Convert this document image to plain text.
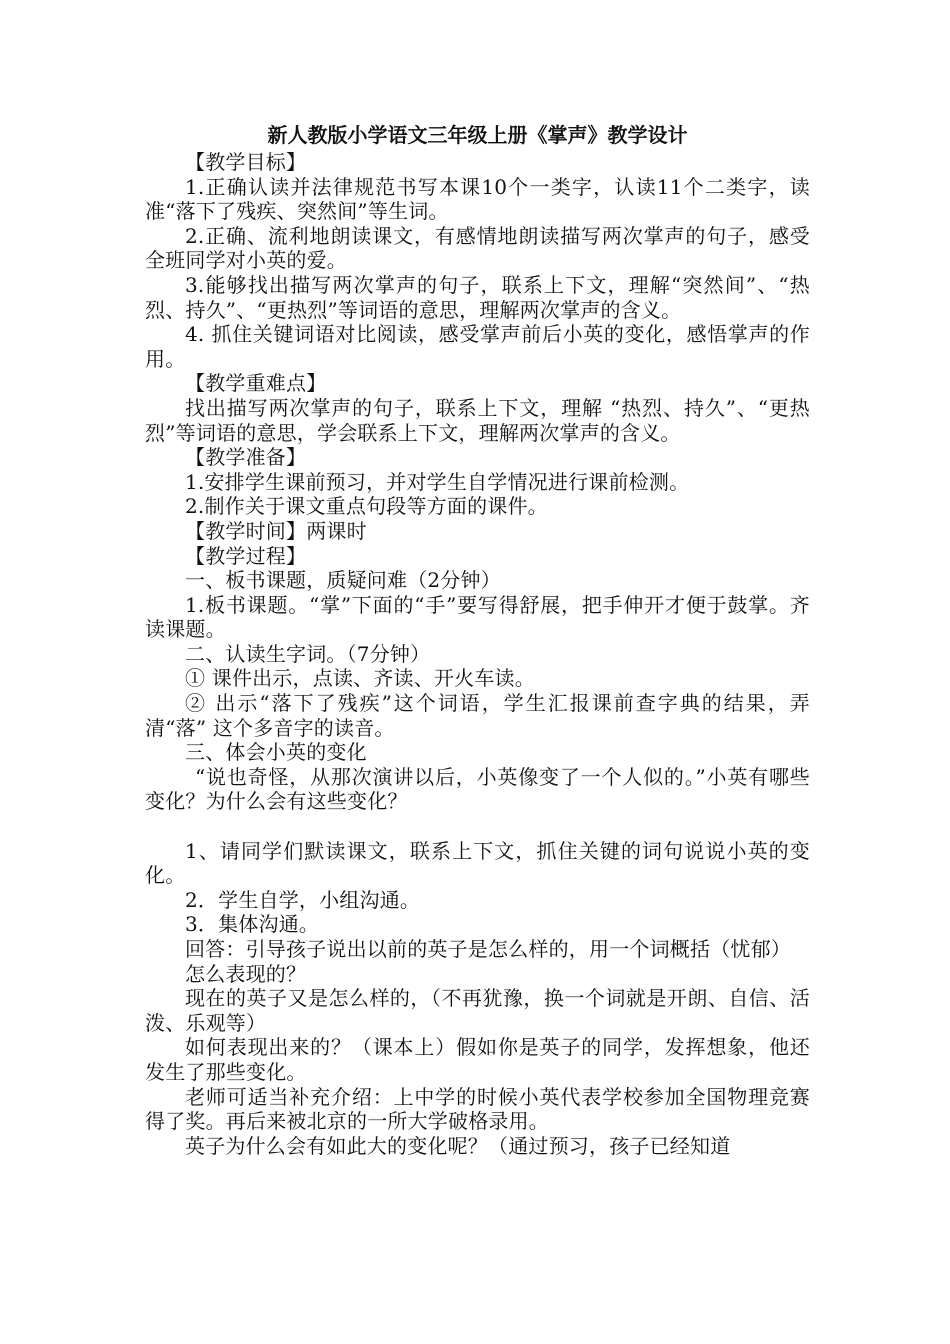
新人教版小学语文三年级上册《掌声》教学设计

【教学目标】

1.正确认读并法律规范书写本课10个一类字，认读11个二类字，读准“落下了残疾、突然间”等生词。

2.正确、流利地朗读课文，有感情地朗读描写两次掌声的句子，感受全班同学对小英的爱。

3.能够找出描写两次掌声的句子，联系上下文，理解“突然间”、“热烈、持久”、“更热烈”等词语的意思，理解两次掌声的含义。

4. 抓住关键词语对比阅读，感受掌声前后小英的变化，感悟掌声的作用。

【教学重难点】

找出描写两次掌声的句子，联系上下文，理解 “热烈、持久”、“更热烈”等词语的意思，学会联系上下文，理解两次掌声的含义。

【教学准备】

1.安排学生课前预习，并对学生自学情况进行课前检测。

2.制作关于课文重点句段等方面的课件。

【教学时间】两课时

【教学过程】

一、板书课题，质疑问难（2分钟）

1.板书课题。“掌”下面的“手”要写得舒展，把手伸开才便于鼓掌。齐读课题。

二、认读生字词。（7分钟）

① 课件出示，点读、齐读、开火车读。

② 出示“落下了残疾”这个词语，学生汇报课前查字典的结果，弄清“落” 这个多音字的读音。

三、体会小英的变化

“说也奇怪，从那次演讲以后，小英像变了一个人似的。”小英有哪些变化？为什么会有这些变化？

1、请同学们默读课文，联系上下文，抓住关键的词句说说小英的变化。

2．学生自学，小组沟通。

3．集体沟通。

回答：引导孩子说出以前的英子是怎么样的，用一个词概括（忧郁）

怎么表现的？

现在的英子又是怎么样的，（不再犹豫，换一个词就是开朗、自信、活泼、乐观等）

如何表现出来的？（课本上）假如你是英子的同学，发挥想象，他还发生了那些变化。

老师可适当补充介绍：上中学的时候小英代表学校参加全国物理竞赛得了奖。再后来被北京的一所大学破格录用。

英子为什么会有如此大的变化呢？（通过预习，孩子已经知道
